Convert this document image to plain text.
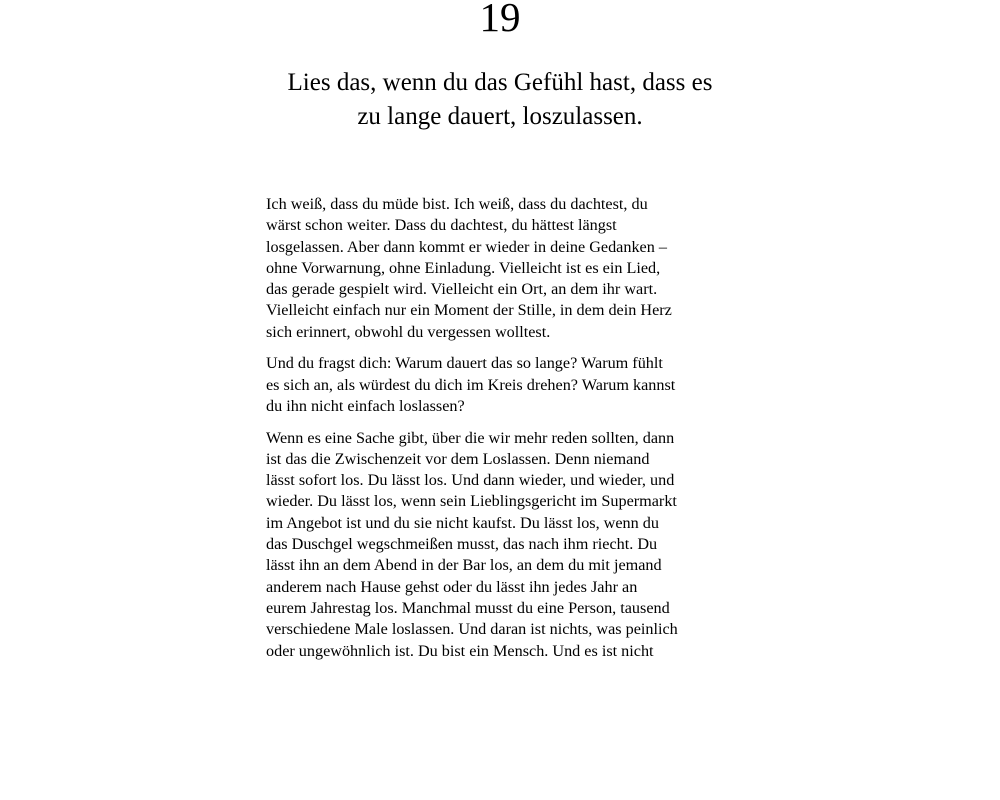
19
Lies das, wenn du das Gefühl hast, dass es
zu lange dauert, loszulassen.

Ich weiß, dass du müde bist. Ich weiß, dass du dachtest, du
wärst schon weiter. Dass du dachtest, du hättest längst
losgelassen. Aber dann kommt er wieder in deine Gedanken –
ohne Vorwarnung, ohne Einladung. Vielleicht ist es ein Lied,
das gerade gespielt wird. Vielleicht ein Ort, an dem ihr wart.
Vielleicht einfach nur ein Moment der Stille, in dem dein Herz
sich erinnert, obwohl du vergessen wolltest.

Und du fragst dich: Warum dauert das so lange? Warum fühlt
es sich an, als würdest du dich im Kreis drehen? Warum kannst
du ihn nicht einfach loslassen?

Wenn es eine Sache gibt, über die wir mehr reden sollten, dann
ist das die Zwischenzeit vor dem Loslassen. Denn niemand
lässt sofort los. Du lässt los. Und dann wieder, und wieder, und
wieder. Du lässt los, wenn sein Lieblingsgericht im Supermarkt
im Angebot ist und du sie nicht kaufst. Du lässt los, wenn du
das Duschgel wegschmeißen musst, das nach ihm riecht. Du
lässt ihn an dem Abend in der Bar los, an dem du mit jemand
anderem nach Hause gehst oder du lässt ihn jedes Jahr an
eurem Jahrestag los. Manchmal musst du eine Person, tausend
verschiedene Male loslassen. Und daran ist nichts, was peinlich
oder ungewöhnlich ist. Du bist ein Mensch. Und es ist nicht
